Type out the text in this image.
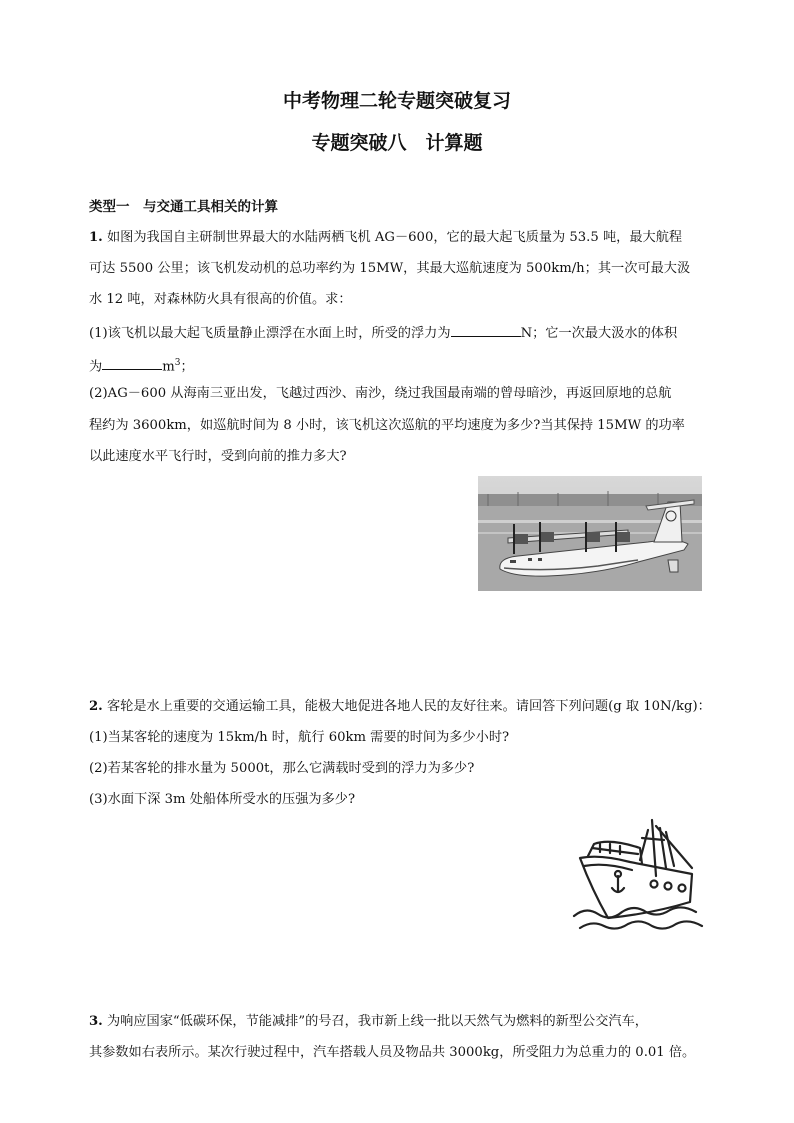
中考物理二轮专题突破复习
专题突破八　计算题
类型一　与交通工具相关的计算
1. 如图为我国自主研制世界最大的水陆两栖飞机 AG－600，它的最大起飞质量为 53.5 吨，最大航程
可达 5500 公里；该飞机发动机的总功率约为 15MW，其最大巡航速度为 500km/h；其一次可最大汲
水 12 吨，对森林防火具有很高的价值。求：
(1)该飞机以最大起飞质量静止漂浮在水面上时，所受的浮力为	N；它一次最大汲水的体积
为	$m^3$；
(2)AG－600 从海南三亚出发，飞越过西沙、南沙，绕过我国最南端的曾母暗沙，再返回原地的总航
程约为 3600km，如巡航时间为 8 小时，该飞机这次巡航的平均速度为多少?当其保持 15MW 的功率
以此速度水平飞行时，受到向前的推力多大?
2. 客轮是水上重要的交通运输工具，能极大地促进各地人民的友好往来。请回答下列问题(g 取 10N/kg)：
(1)当某客轮的速度为 15km/h 时，航行 60km 需要的时间为多少小时?
(2)若某客轮的排水量为 5000t，那么它满载时受到的浮力为多少?
(3)水面下深 3m 处船体所受水的压强为多少?
3. 为响应国家“低碳环保，节能减排”的号召，我市新上线一批以天然气为燃料的新型公交汽车，
其参数如右表所示。某次行驶过程中，汽车搭载人员及物品共 3000kg，所受阻力为总重力的 0.01 倍。
